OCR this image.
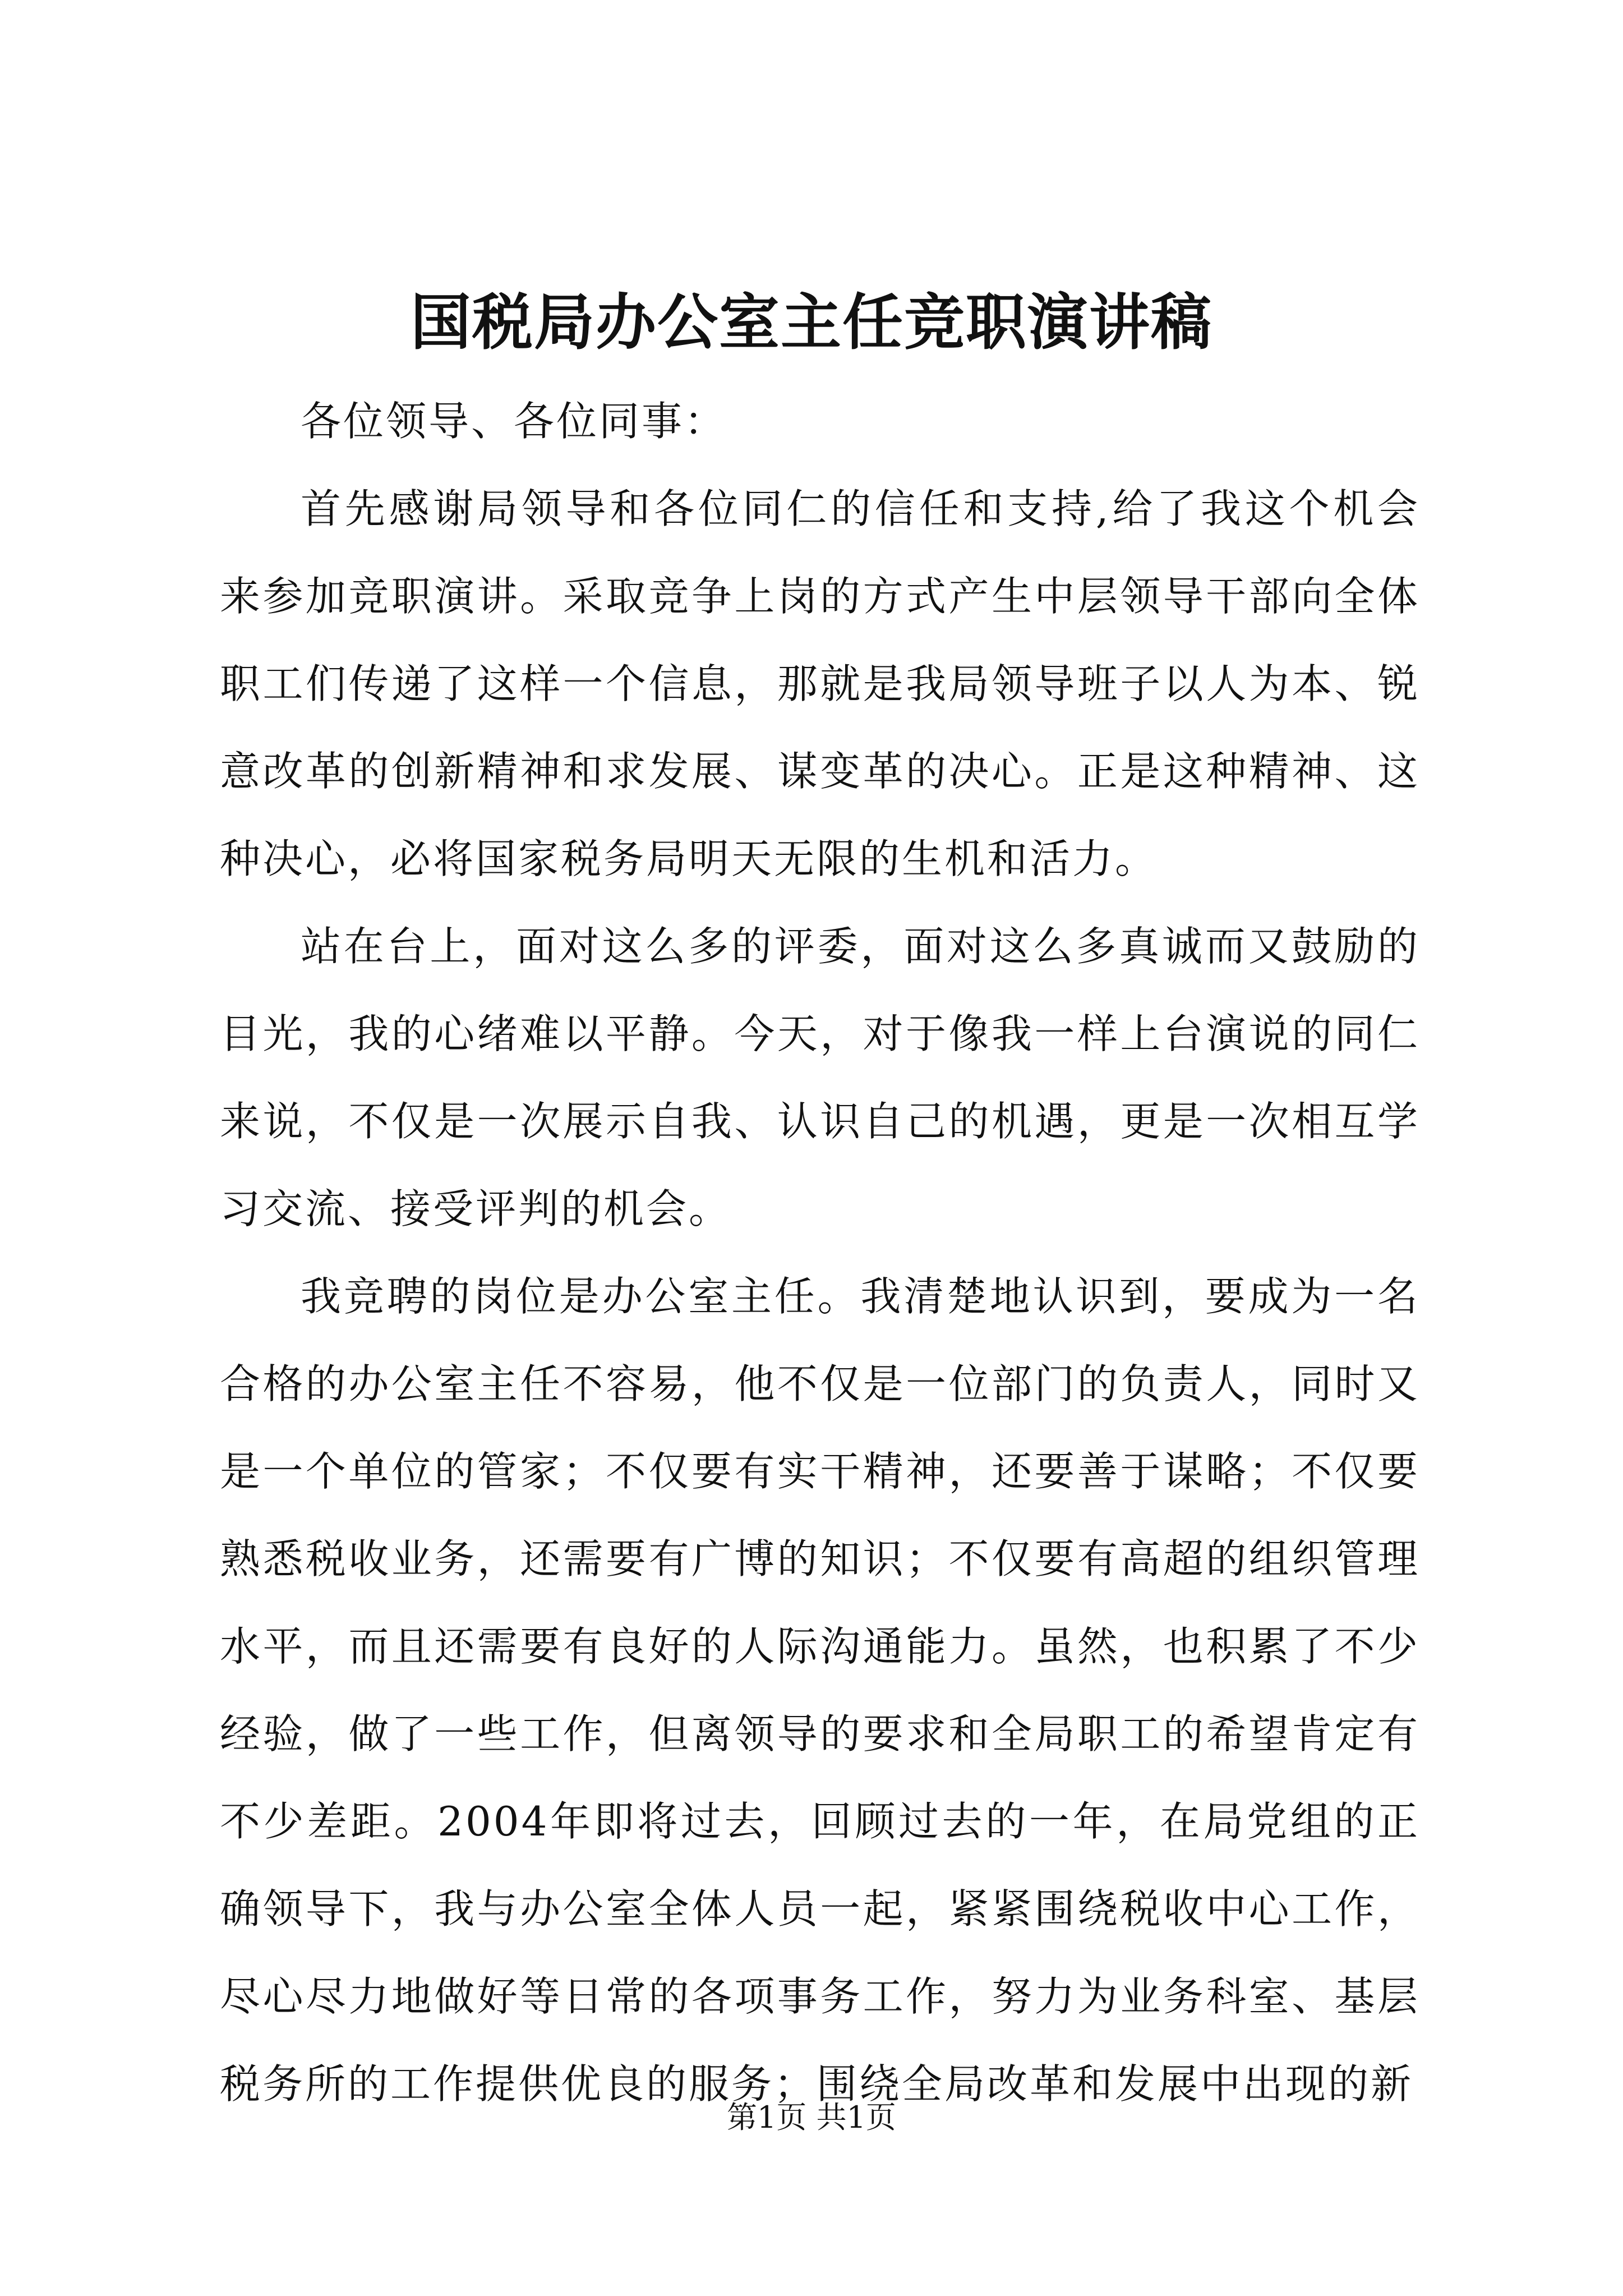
国税局办公室主任竞职演讲稿

各位领导、各位同事：

首先感谢局领导和各位同仁的信任和支持,给了我这个机会来参加竞职演讲。采取竞争上岗的方式产生中层领导干部向全体职工们传递了这样一个信息，那就是我局领导班子以人为本、锐意改革的创新精神和求发展、谋变革的决心。正是这种精神、这种决心，必将国家税务局明天无限的生机和活力。

站在台上，面对这么多的评委，面对这么多真诚而又鼓励的目光，我的心绪难以平静。今天，对于像我一样上台演说的同仁来说，不仅是一次展示自我、认识自己的机遇，更是一次相互学习交流、接受评判的机会。

我竞聘的岗位是办公室主任。我清楚地认识到，要成为一名合格的办公室主任不容易，他不仅是一位部门的负责人，同时又是一个单位的管家；不仅要有实干精神，还要善于谋略；不仅要熟悉税收业务，还需要有广博的知识；不仅要有高超的组织管理水平，而且还需要有良好的人际沟通能力。虽然，也积累了不少经验，做了一些工作，但离领导的要求和全局职工的希望肯定有不少差距。2004年即将过去，回顾过去的一年，在局党组的正确领导下，我与办公室全体人员一起，紧紧围绕税收中心工作，尽心尽力地做好等日常的各项事务工作，努力为业务科室、基层税务所的工作提供优良的服务；围绕全局改革和发展中出现的新

第1页 共1页
